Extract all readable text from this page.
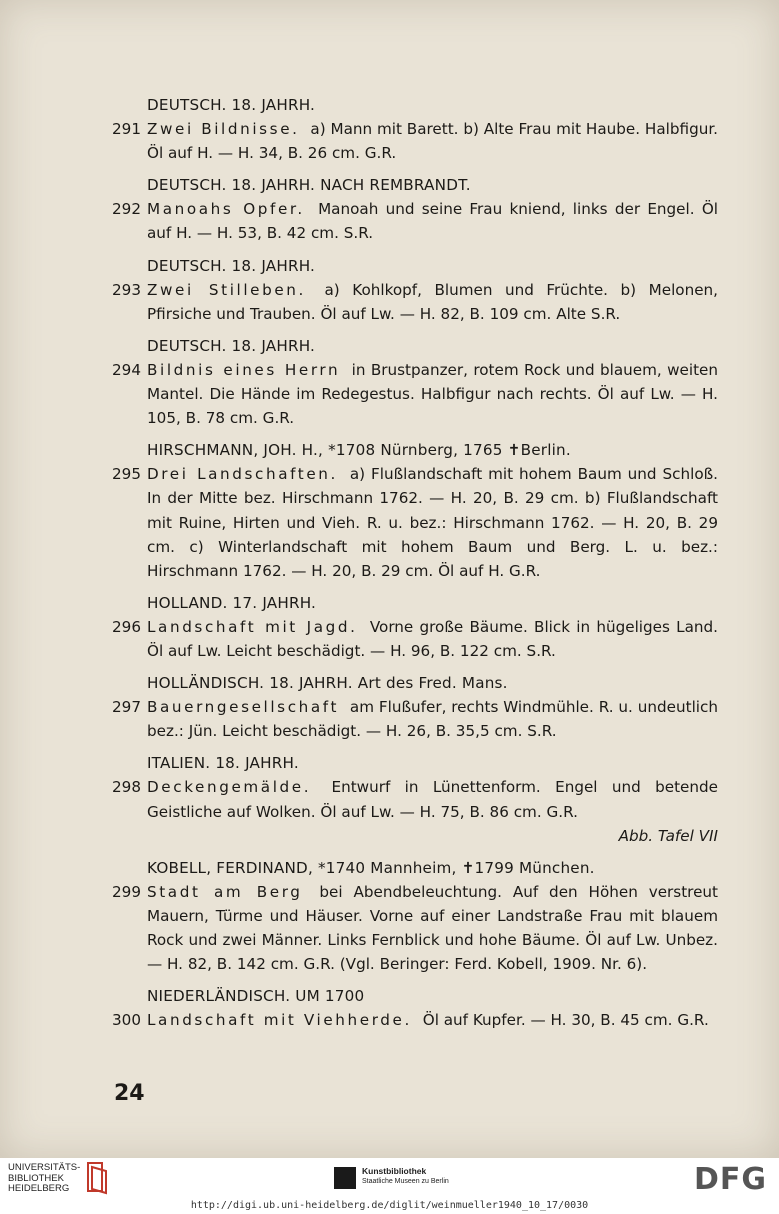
DEUTSCH. 18. JAHRH.
291 Zwei Bildnisse. a) Mann mit Barett. b) Alte Frau mit Haube. Halbfigur. Öl auf H. — H. 34, B. 26 cm. G.R.
DEUTSCH. 18. JAHRH. NACH REMBRANDT.
292 Manoahs Opfer. Manoah und seine Frau kniend, links der Engel. Öl auf H. — H. 53, B. 42 cm. S.R.
DEUTSCH. 18. JAHRH.
293 Zwei Stilleben. a) Kohlkopf, Blumen und Früchte. b) Melonen, Pfirsiche und Trauben. Öl auf Lw. — H. 82, B. 109 cm. Alte S.R.
DEUTSCH. 18. JAHRH.
294 Bildnis eines Herrn in Brustpanzer, rotem Rock und blauem, weiten Mantel. Die Hände im Redegestus. Halbfigur nach rechts. Öl auf Lw. — H. 105, B. 78 cm. G.R.
HIRSCHMANN, JOH. H., *1708 Nürnberg, 1765 ✝Berlin.
295 Drei Landschaften. a) Flußlandschaft mit hohem Baum und Schloß. In der Mitte bez. Hirschmann 1762. — H. 20, B. 29 cm. b) Flußlandschaft mit Ruine, Hirten und Vieh. R. u. bez.: Hirschmann 1762. — H. 20, B. 29 cm. c) Winterlandschaft mit hohem Baum und Berg. L. u. bez.: Hirschmann 1762. — H. 20, B. 29 cm. Öl auf H. G.R.
HOLLAND. 17. JAHRH.
296 Landschaft mit Jagd. Vorne große Bäume. Blick in hügeliges Land. Öl auf Lw. Leicht beschädigt. — H. 96, B. 122 cm. S.R.
HOLLÄNDISCH. 18. JAHRH. Art des Fred. Mans.
297 Bauerngesellschaft am Flußufer, rechts Windmühle. R. u. undeutlich bez.: Jün. Leicht beschädigt. — H. 26, B. 35,5 cm. S.R.
ITALIEN. 18. JAHRH.
298 Deckengemälde. Entwurf in Lünettenform. Engel und betende Geistliche auf Wolken. Öl auf Lw. — H. 75, B. 86 cm. G.R.
Abb. Tafel VII
KOBELL, FERDINAND, *1740 Mannheim, ✝1799 München.
299 Stadt am Berg bei Abendbeleuchtung. Auf den Höhen verstreut Mauern, Türme und Häuser. Vorne auf einer Landstraße Frau mit blauem Rock und zwei Männer. Links Fernblick und hohe Bäume. Öl auf Lw. Unbez. — H. 82, B. 142 cm. G.R. (Vgl. Beringer: Ferd. Kobell, 1909. Nr. 6).
NIEDERLÄNDISCH. UM 1700
300 Landschaft mit Viehherde. Öl auf Kupfer. — H. 30, B. 45 cm. G.R.
24
UNIVERSITÄTS-
BIBLIOTHEK
HEIDELBERG
Kunstbibliothek
Staatliche Museen zu Berlin	DFG
http://digi.ub.uni-heidelberg.de/diglit/weinmueller1940_10_17/0030
